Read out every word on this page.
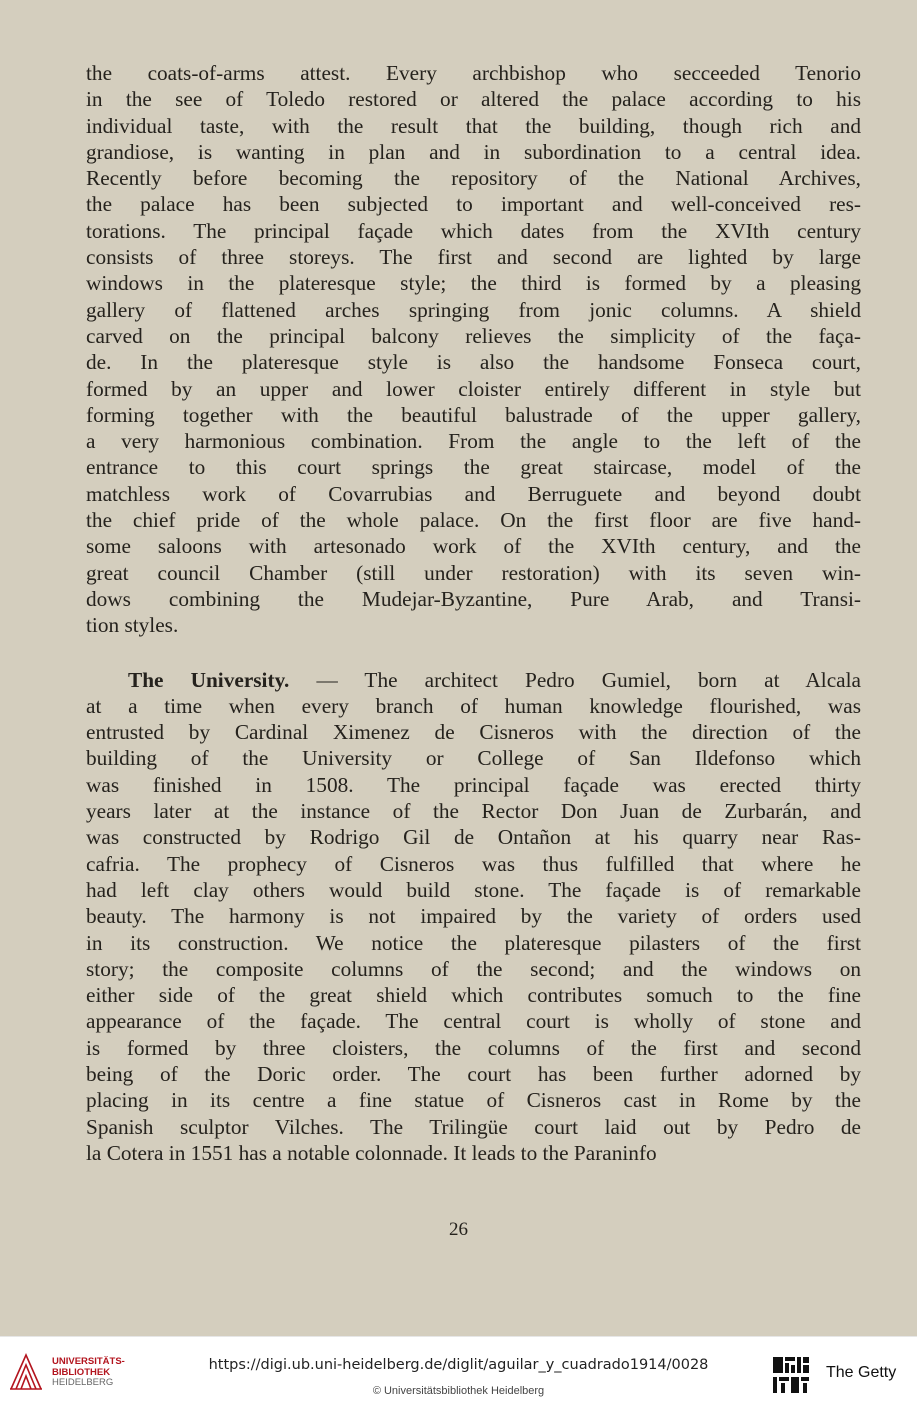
the coats-of-arms attest. Every archbishop who secceeded Tenorio
in the see of Toledo restored or altered the palace according to his
individual taste, with the result that the building, though rich and
grandiose, is wanting in plan and in subordination to a central idea.
Recently before becoming the repository of the National Archives,
the palace has been subjected to important and well-conceived res-
torations. The principal façade which dates from the XVIth century
consists of three storeys. The first and second are lighted by large
windows in the plateresque style; the third is formed by a pleasing
gallery of flattened arches springing from jonic columns. A shield
carved on the principal balcony relieves the simplicity of the faça-
de. In the plateresque style is also the handsome Fonseca court,
formed by an upper and lower cloister entirely different in style but
forming together with the beautiful balustrade of the upper gallery,
a very harmonious combination. From the angle to the left of the
entrance to this court springs the great staircase, model of the
matchless work of Covarrubias and Berruguete and beyond doubt
the chief pride of the whole palace. On the first floor are five hand-
some saloons with artesonado work of the XVIth century, and the
great council Chamber (still under restoration) with its seven win-
dows combining the Mudejar-Byzantine, Pure Arab, and Transi-
tion styles.
The University. — The architect Pedro Gumiel, born at Alcala
at a time when every branch of human knowledge flourished, was
entrusted by Cardinal Ximenez de Cisneros with the direction of the
building of the University or College of San Ildefonso which
was finished in 1508. The principal façade was erected thirty
years later at the instance of the Rector Don Juan de Zurbarán, and
was constructed by Rodrigo Gil de Ontañon at his quarry near Ras-
cafria. The prophecy of Cisneros was thus fulfilled that where he
had left clay others would build stone. The façade is of remarkable
beauty. The harmony is not impaired by the variety of orders used
in its construction. We notice the plateresque pilasters of the first
story; the composite columns of the second; and the windows on
either side of the great shield which contributes somuch to the fine
appearance of the façade. The central court is wholly of stone and
is formed by three cloisters, the columns of the first and second
being of the Doric order. The court has been further adorned by
placing in its centre a fine statue of Cisneros cast in Rome by the
Spanish sculptor Vilches. The Trilingüe court laid out by Pedro de
la Cotera in 1551 has a notable colonnade. It leads to the Paraninfo
26
UNIVERSITÄTS-
BIBLIOTHEK
HEIDELBERG
https://digi.ub.uni-heidelberg.de/diglit/aguilar_y_cuadrado1914/0028
© Universitätsbibliothek Heidelberg
The Getty
